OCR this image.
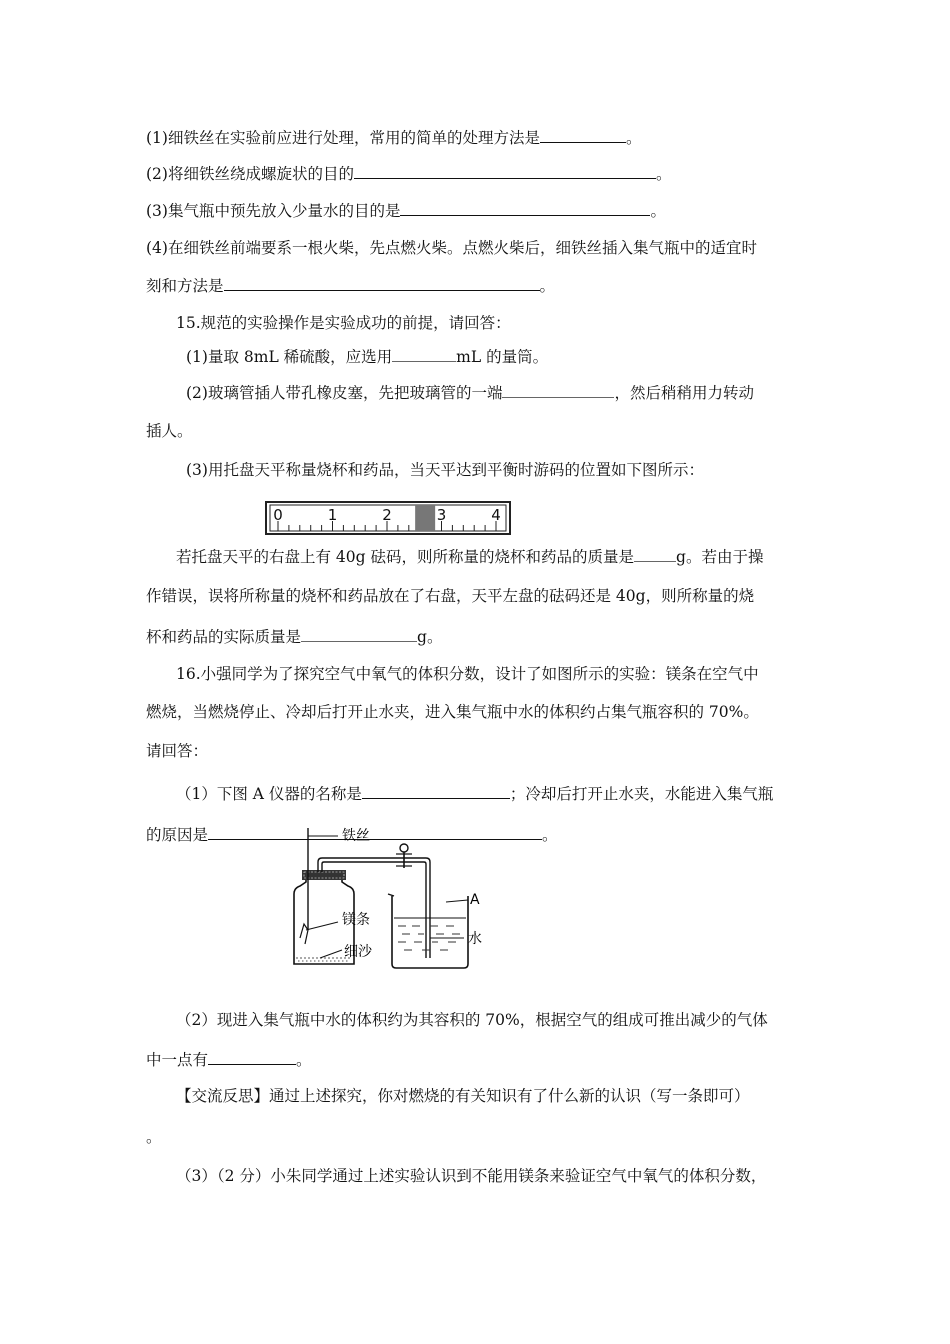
(1)细铁丝在实验前应进行处理，常用的简单的处理方法是	。
(2)将细铁丝绕成螺旋状的目的	。
(3)集气瓶中预先放入少量水的目的是	。
(4)在细铁丝前端要系一根火柴，先点燃火柴。点燃火柴后，细铁丝插入集气瓶中的适宜时
刻和方法是	。
15.规范的实验操作是实验成功的前提，请回答：
(1)量取 8mL 稀硫酸，应选用	mL 的量筒。
(2)玻璃管插人带孔橡皮塞，先把玻璃管的一端	，然后稍稍用力转动
插人。
(3)用托盘天平称量烧杯和药品，当天平达到平衡时游码的位置如下图所示：
0	1	2	3	4
若托盘天平的右盘上有 40g 砝码，则所称量的烧杯和药品的质量是	g。若由于操
作错误，误将所称量的烧杯和药品放在了右盘，天平左盘的砝码还是 40g，则所称量的烧
杯和药品的实际质量是	g。
16.小强同学为了探究空气中氧气的体积分数，设计了如图所示的实验：镁条在空气中
燃烧，当燃烧停止、冷却后打开止水夹，进入集气瓶中水的体积约占集气瓶容积的 70%。
请回答：
（1）下图 A 仪器的名称是	；冷却后打开止水夹，水能进入集气瓶
的原因是	。
铁丝
镁条
细沙
A
水
（2）现进入集气瓶中水的体积约为其容积的 70%，根据空气的组成可推出减少的气体
中一点有	。
【交流反思】通过上述探究，你对燃烧的有关知识有了什么新的认识（写一条即可）
。
（3）（2 分）小朱同学通过上述实验认识到不能用镁条来验证空气中氧气的体积分数，
